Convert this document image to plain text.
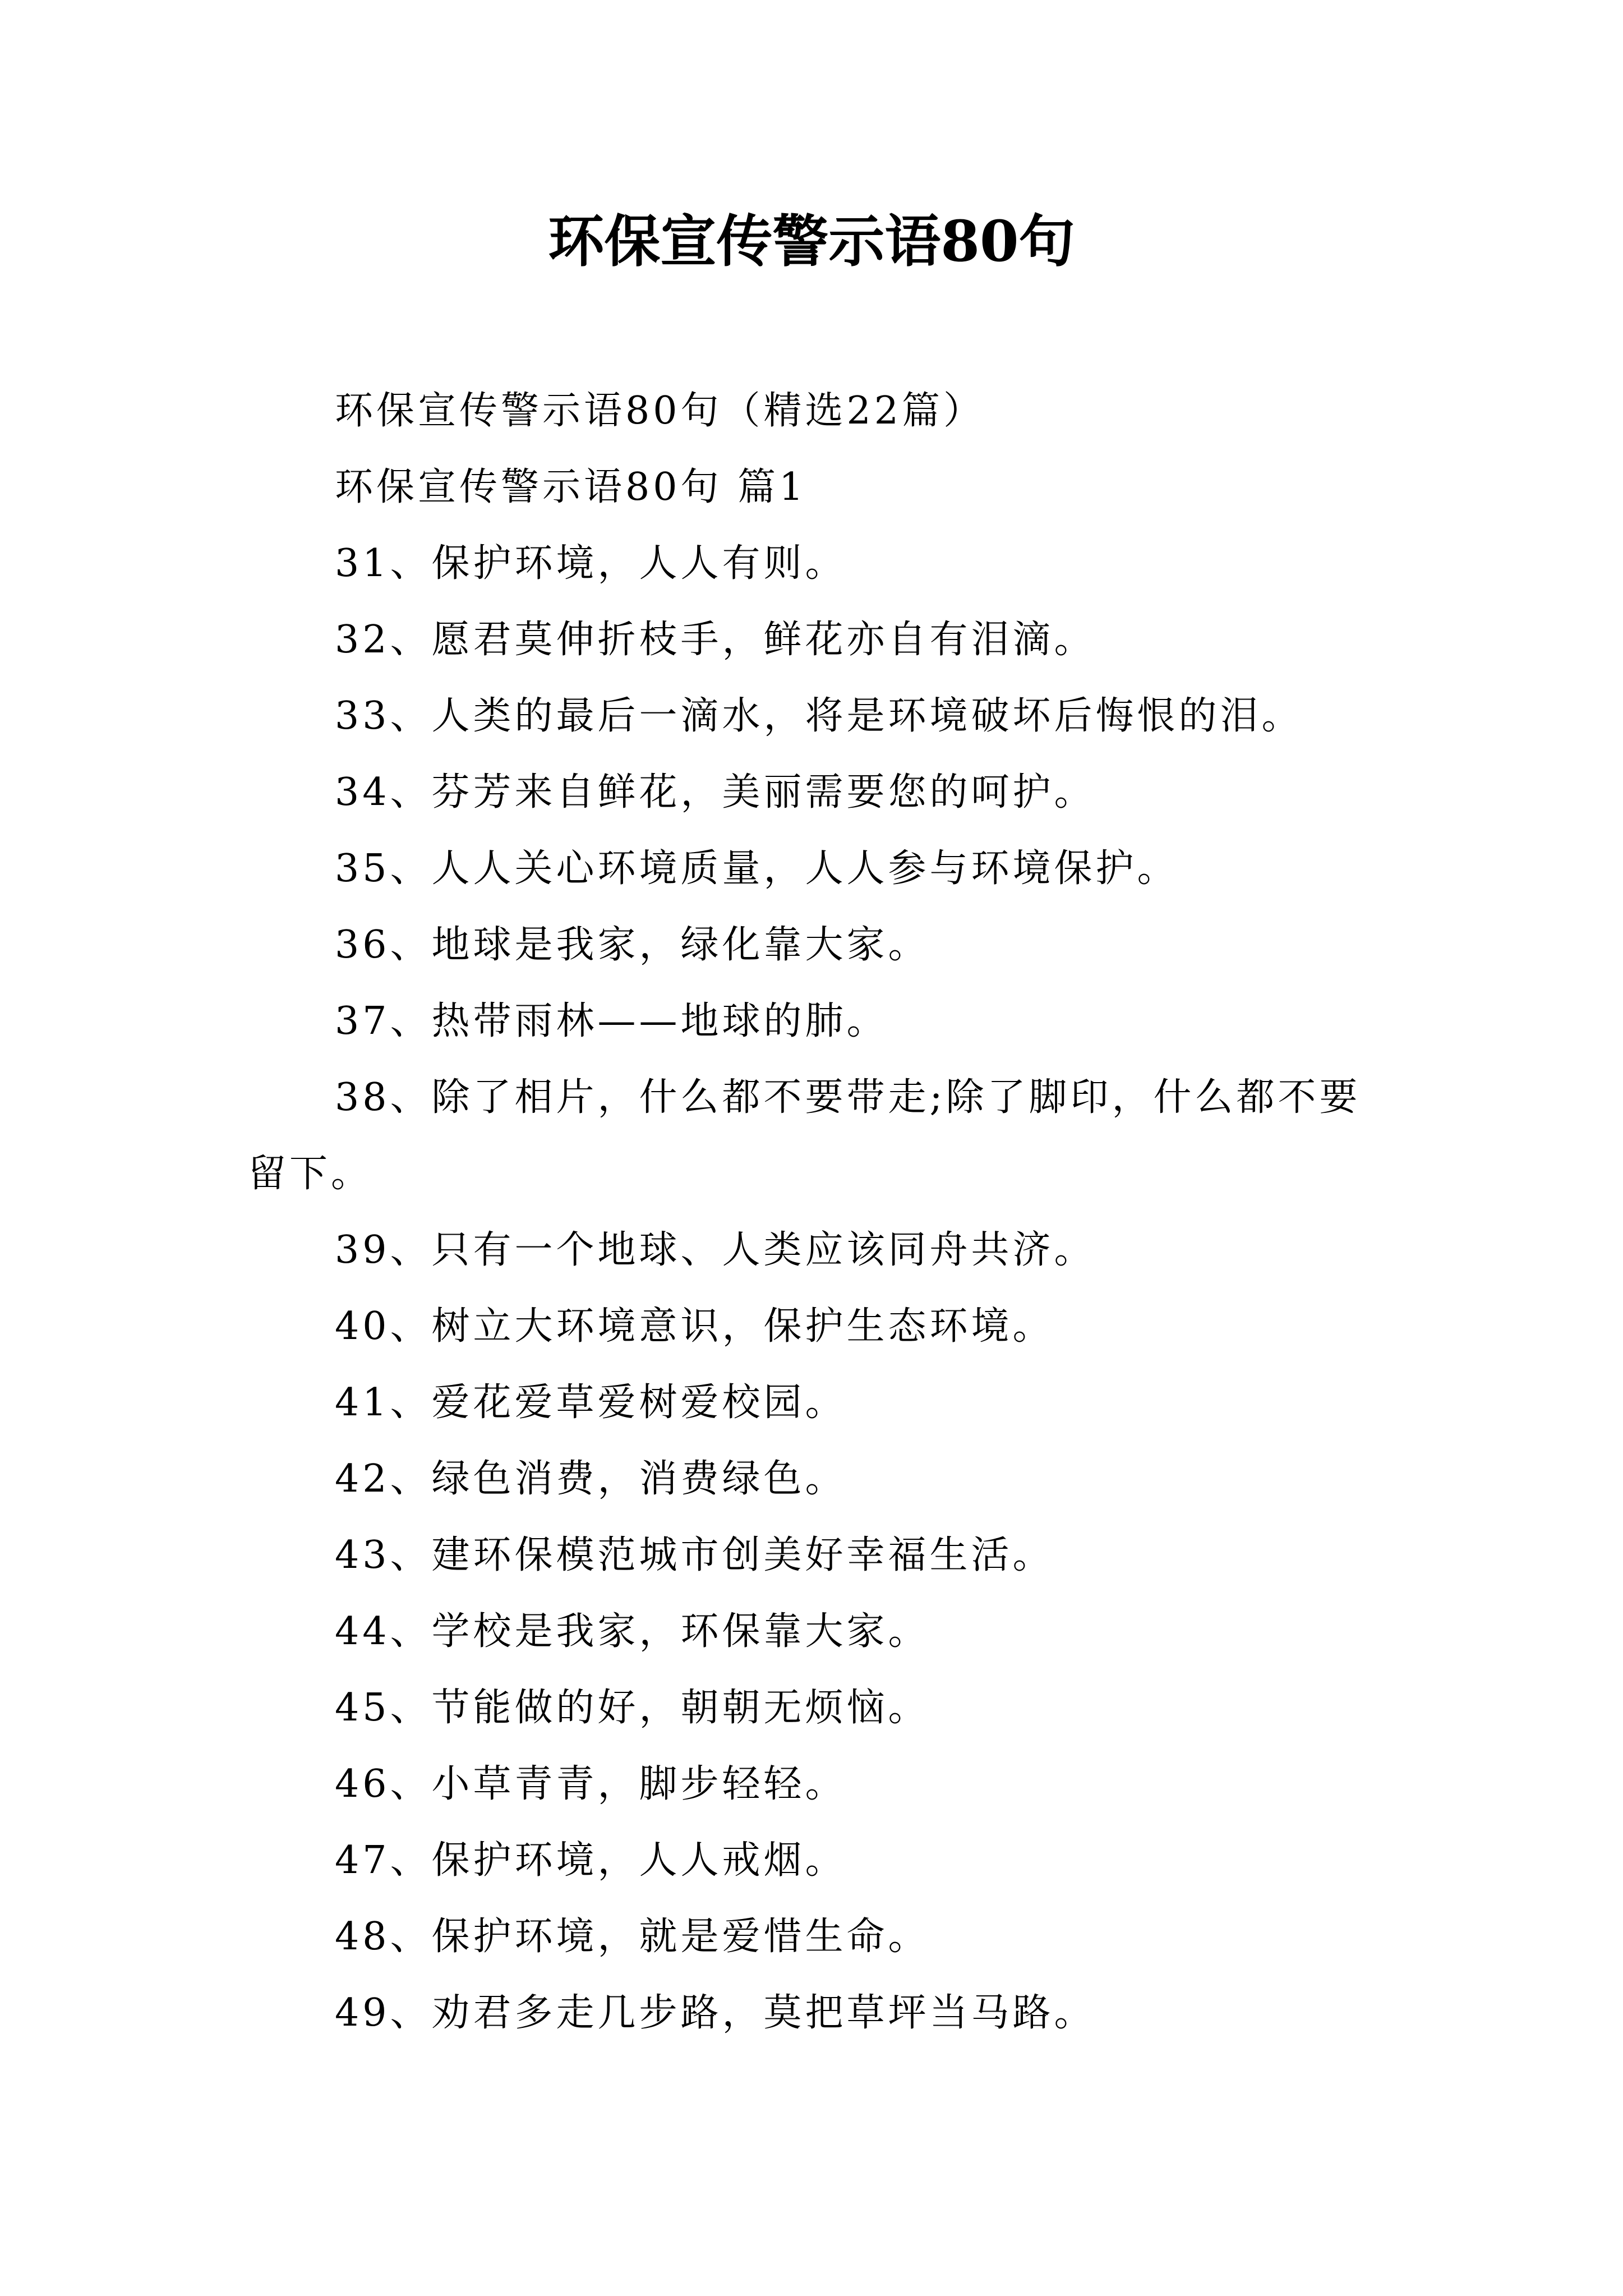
环保宣传警示语80句

环保宣传警示语80句（精选22篇）

环保宣传警示语80句 篇1

31、保护环境，人人有则。

32、愿君莫伸折枝手，鲜花亦自有泪滴。

33、人类的最后一滴水，将是环境破坏后悔恨的泪。

34、芬芳来自鲜花，美丽需要您的呵护。

35、人人关心环境质量，人人参与环境保护。

36、地球是我家，绿化靠大家。

37、热带雨林——地球的肺。

38、除了相片，什么都不要带走;除了脚印，什么都不要留下。

39、只有一个地球、人类应该同舟共济。

40、树立大环境意识，保护生态环境。

41、爱花爱草爱树爱校园。

42、绿色消费，消费绿色。

43、建环保模范城市创美好幸福生活。

44、学校是我家，环保靠大家。

45、节能做的好，朝朝无烦恼。

46、小草青青，脚步轻轻。

47、保护环境，人人戒烟。

48、保护环境，就是爱惜生命。

49、劝君多走几步路，莫把草坪当马路。
